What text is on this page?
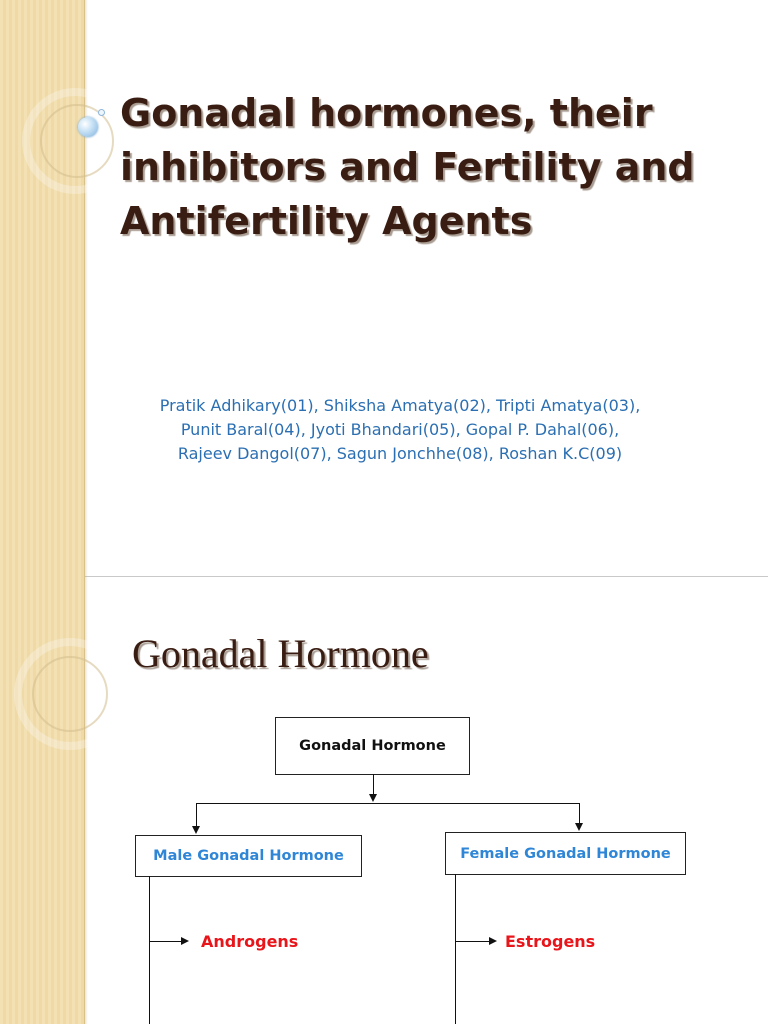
Gonadal hormones, their
inhibitors and Fertility and
Antifertility Agents
Pratik Adhikary(01), Shiksha Amatya(02), Tripti Amatya(03),
Punit Baral(04), Jyoti Bhandari(05), Gopal P. Dahal(06),
Rajeev Dangol(07), Sagun Jonchhe(08), Roshan K.C(09)
Gonadal Hormone
Gonadal Hormone
Male Gonadal Hormone	Female Gonadal Hormone
Androgens	Estrogens
